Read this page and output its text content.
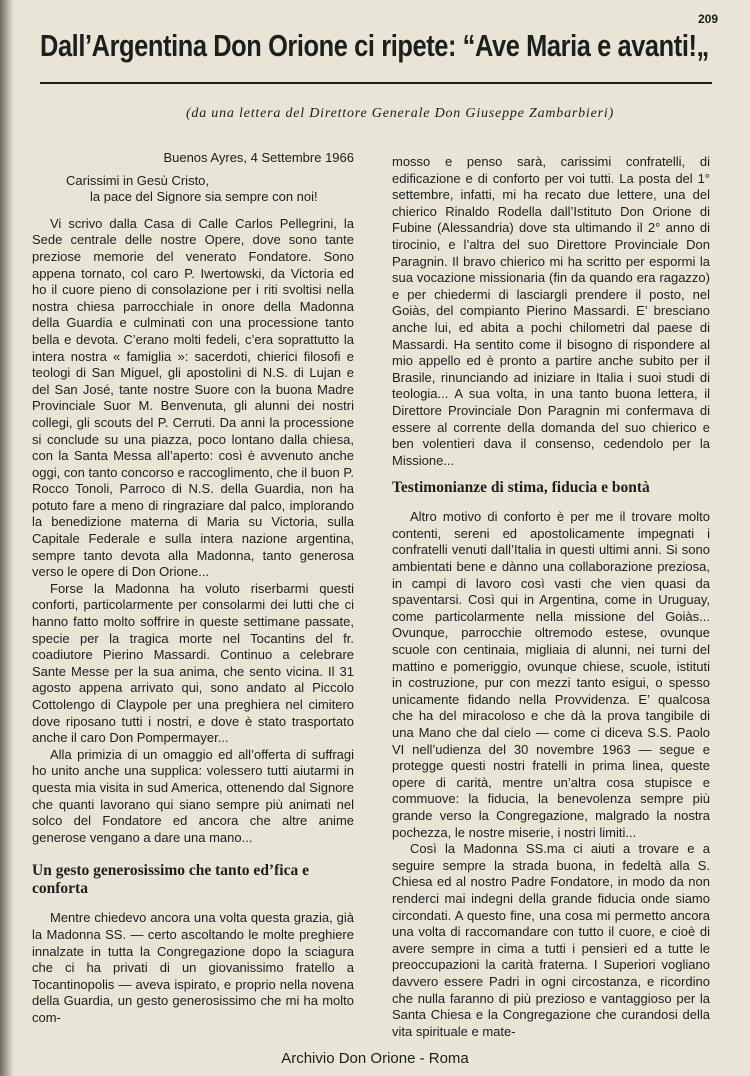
209
Dall’Argentina Don Orione ci ripete: “Ave Maria e avanti!„
(da una lettera del Direttore Generale Don Giuseppe Zambarbieri)

Buenos Ayres, 4 Settembre 1966

Carissimi in Gesù Cristo,

la pace del Signore sia sempre con noi!

Vi scrivo dalla Casa di Calle Carlos Pellegrini, la Sede centrale delle nostre Opere, dove sono tante preziose memorie del venerato Fondatore. Sono appena tornato, col caro P. Iwertowski, da Victoria ed ho il cuore pieno di consolazione per i riti svoltisi nella nostra chiesa parrocchiale in onore della Madonna della Guardia e culminati con una processione tanto bella e devota. C’erano molti fedeli, c’era soprattutto la intera nostra « famiglia »: sacerdoti, chierici filosofi e teologi di San Miguel, gli apostolini di N.S. di Lujan e del San José, tante nostre Suore con la buona Madre Provinciale Suor M. Benvenuta, gli alunni dei nostri collegi, gli scouts del P. Cerruti. Da anni la processione si conclude su una piazza, poco lontano dalla chiesa, con la Santa Messa all’aperto: così è avvenuto anche oggi, con tanto concorso e raccoglimento, che il buon P. Rocco Tonoli, Parroco di N.S. della Guardia, non ha potuto fare a meno di ringraziare dal palco, implorando la benedizione materna di Maria su Victoria, sulla Capitale Federale e sulla intera nazione argentina, sempre tanto devota alla Madonna, tanto generosa verso le opere di Don Orione...

Forse la Madonna ha voluto riserbarmi questi conforti, particolarmente per consolarmi dei lutti che ci hanno fatto molto soffrire in queste settimane passate, specie per la tragica morte nel Tocantins del fr. coadiutore Pierino Massardi. Continuo a celebrare Sante Messe per la sua anima, che sento vicina. Il 31 agosto appena arrivato qui, sono andato al Piccolo Cottolengo di Claypole per una preghiera nel cimitero dove riposano tutti i nostri, e dove è stato trasportato anche il caro Don Pompermayer...

Alla primizia di un omaggio ed all’offerta di suffragi ho unito anche una supplica: volessero tutti aiutarmi in questa mia visita in sud America, ottenendo dal Signore che quanti lavorano qui siano sempre più animati nel solco del Fondatore ed ancora che altre anime generose vengano a dare una mano...

Un gesto generosissimo che tanto ed’fica e conforta

Mentre chiedevo ancora una volta questa grazia, già la Madonna SS. — certo ascoltando le molte preghiere innalzate in tutta la Congregazione dopo la sciagura che ci ha privati di un giovanissimo fratello a Tocantinopolis — aveva ispirato, e proprio nella novena della Guardia, un gesto generosissimo che mi ha molto com-

mosso e penso sarà, carissimi confratelli, di edificazione e di conforto per voi tutti. La posta del 1° settembre, infatti, mi ha recato due lettere, una del chierico Rinaldo Rodella dall’Istituto Don Orione di Fubine (Alessandria) dove sta ultimando il 2° anno di tirocinio, e l’altra del suo Direttore Provinciale Don Paragnin. Il bravo chierico mi ha scritto per espormi la sua vocazione missionaria (fin da quando era ragazzo) e per chiedermi di lasciargli prendere il posto, nel Goiàs, del compianto Pierino Massardi. E’ bresciano anche lui, ed abita a pochi chilometri dal paese di Massardi. Ha sentito come il bisogno di rispondere al mio appello ed è pronto a partire anche subito per il Brasile, rinunciando ad iniziare in Italia i suoi studi di teologia... A sua volta, in una tanto buona lettera, il Direttore Provinciale Don Paragnin mi confermava di essere al corrente della domanda del suo chierico e ben volentieri dava il consenso, cedendolo per la Missione...

Testimonianze di stima, fiducia e bontà

Altro motivo di conforto è per me il trovare molto contenti, sereni ed apostolicamente impegnati i confratelli venuti dall’Italia in questi ultimi anni. Si sono ambientati bene e dànno una collaborazione preziosa, in campi di lavoro così vasti che vien quasi da spaventarsi. Così qui in Argentina, come in Uruguay, come particolarmente nella missione del Goiàs... Ovunque, parrocchie oltremodo estese, ovunque scuole con centinaia, migliaia di alunni, nei turni del mattino e pomeriggio, ovunque chiese, scuole, istituti in costruzione, pur con mezzi tanto esigui, o spesso unicamente fidando nella Provvidenza. E’ qualcosa che ha del miracoloso e che dà la prova tangibile di una Mano che dal cielo — come ci diceva S.S. Paolo VI nell’udienza del 30 novembre 1963 — segue e protegge questi nostri fratelli in prima linea, queste opere di carità, mentre un’altra cosa stupisce e commuove: la fiducia, la benevolenza sempre più grande verso la Congregazione, malgrado la nostra pochezza, le nostre miserie, i nostri limiti...

Così la Madonna SS.ma ci aiuti a trovare e a seguire sempre la strada buona, in fedeltà alla S. Chiesa ed al nostro Padre Fondatore, in modo da non renderci mai indegni della grande fiducia onde siamo circondati. A questo fine, una cosa mi permetto ancora una volta di raccomandare con tutto il cuore, e cioè di avere sempre in cima a tutti i pensieri ed a tutte le preoccupazioni la carità fraterna. I Superiori vogliano davvero essere Padri in ogni circostanza, e ricordino che nulla faranno di più prezioso e vantaggioso per la Santa Chiesa e la Congregazione che curandosi della vita spirituale e mate-

Archivio Don Orione - Roma
